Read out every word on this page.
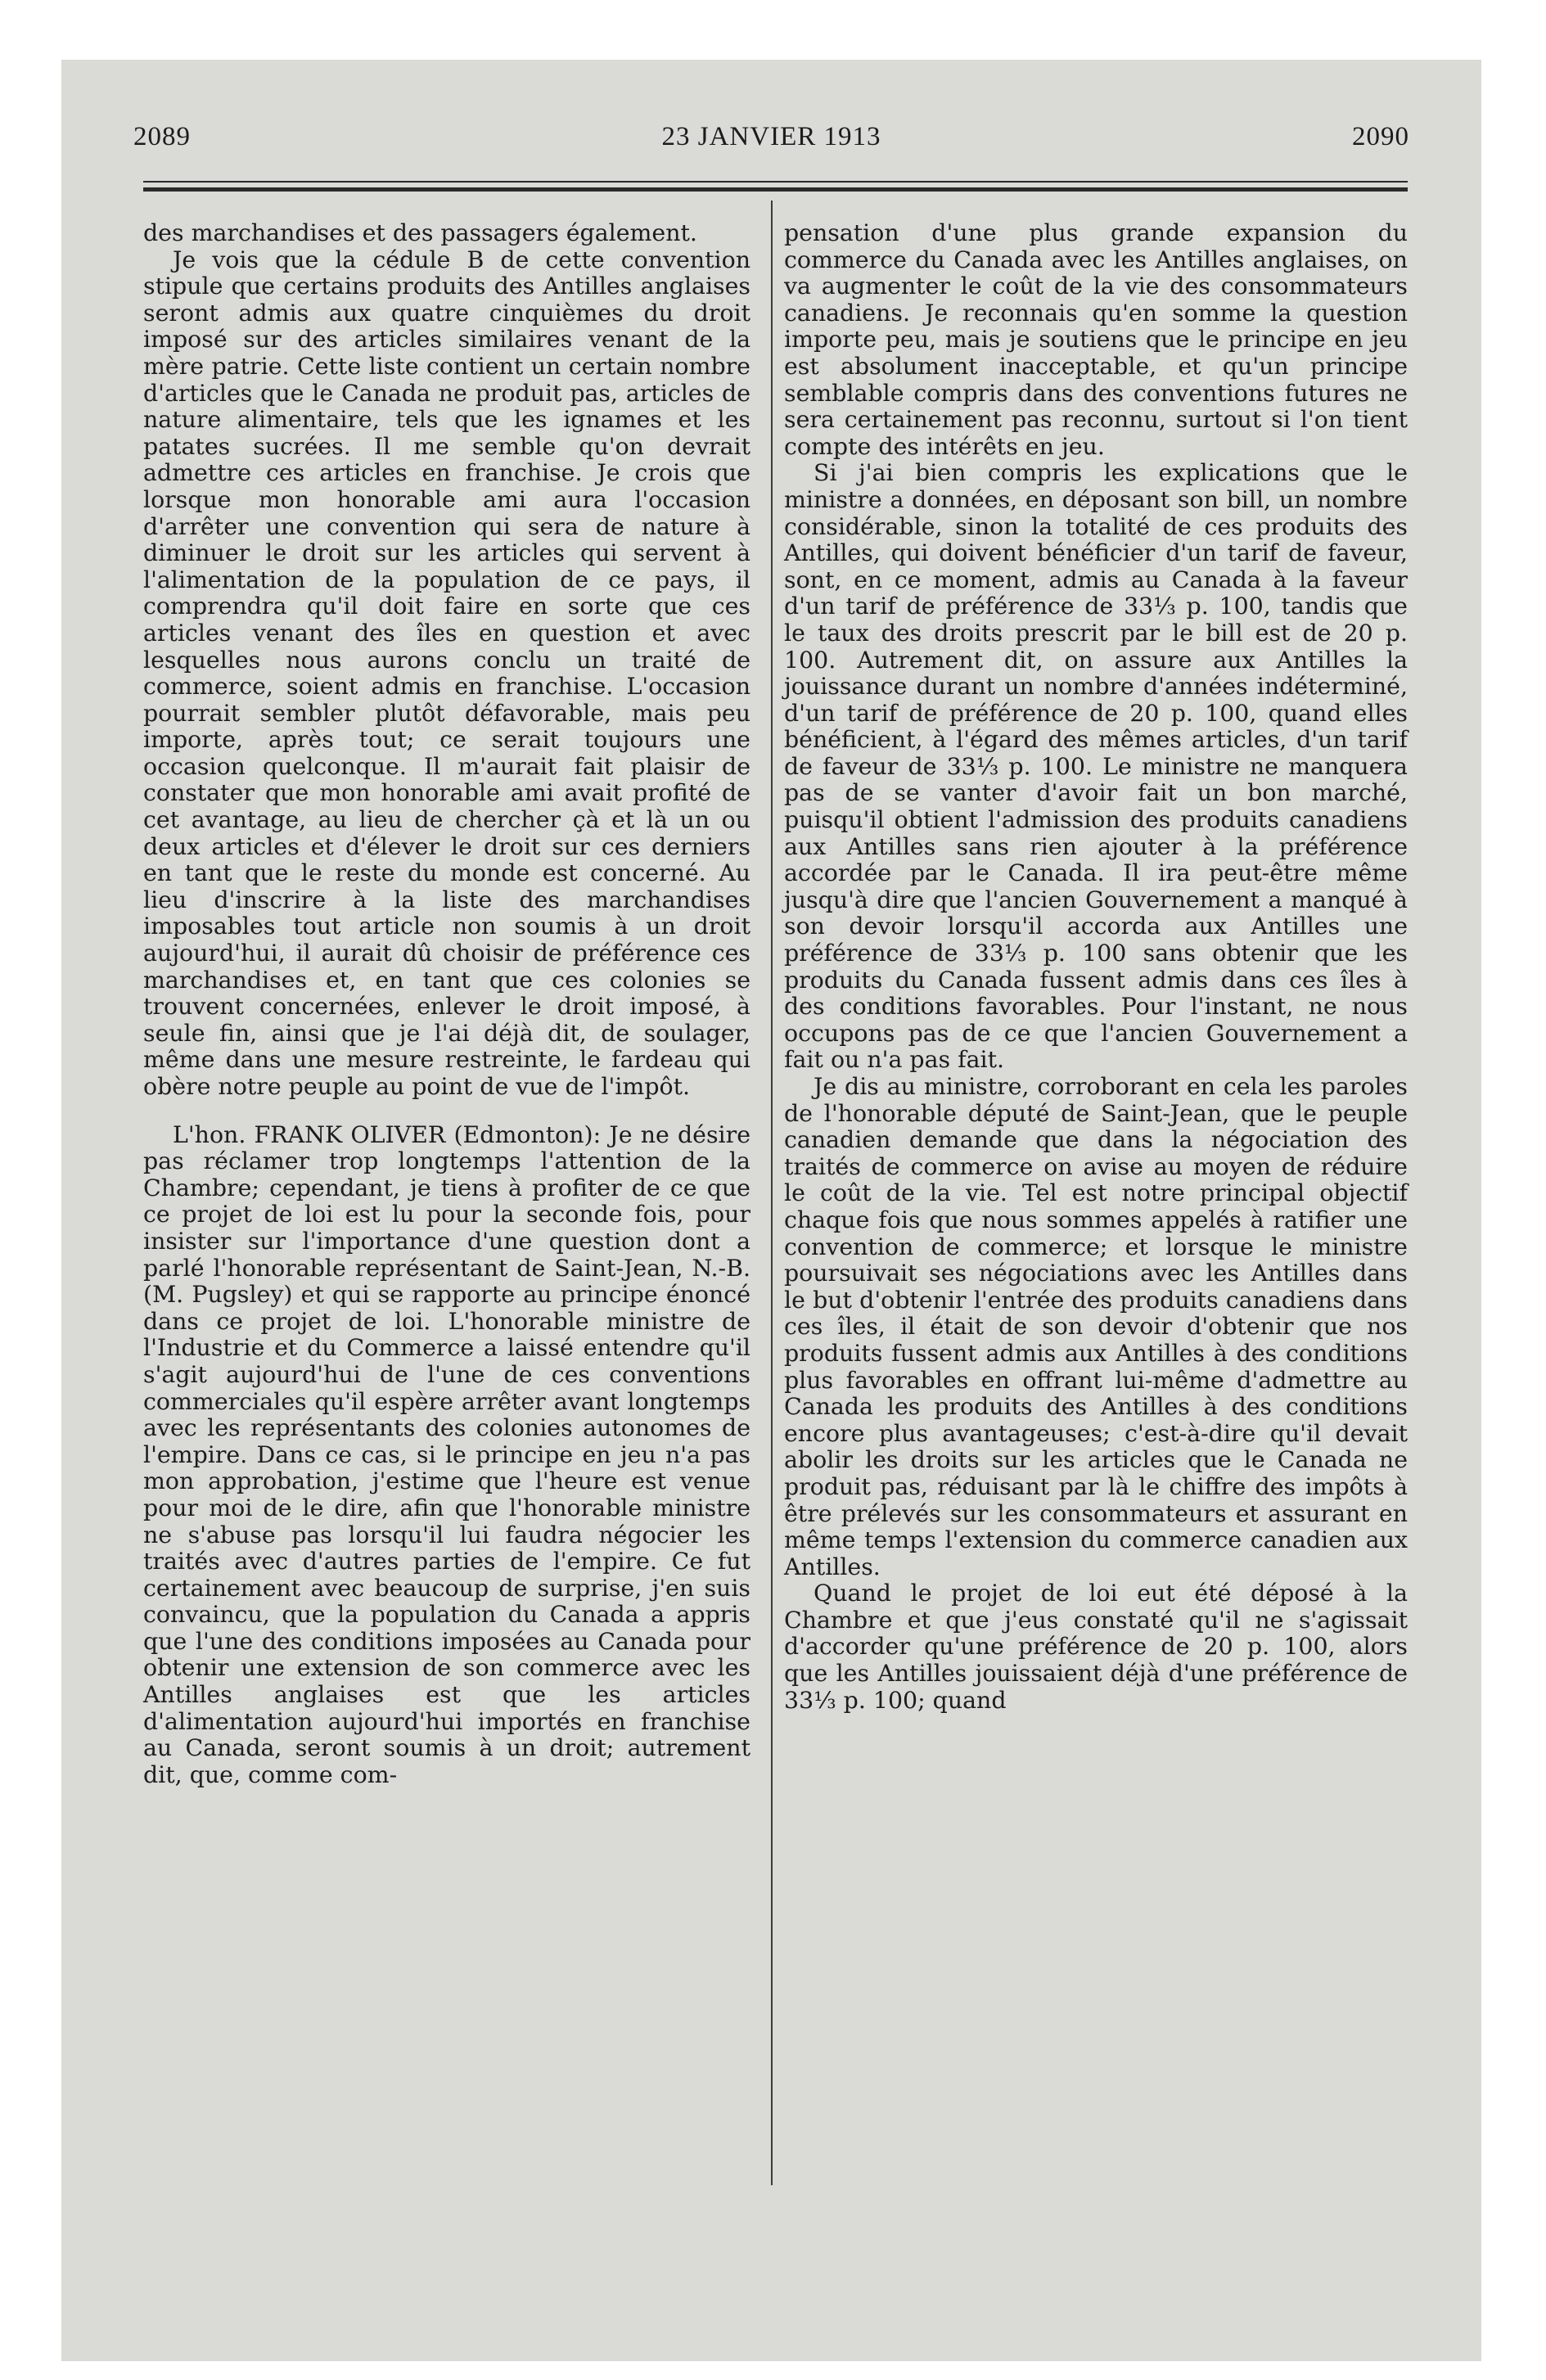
2089	23 JANVIER 1913	2090

des marchandises et des passagers également.

Je vois que la cédule B de cette convention stipule que certains produits des Antilles anglaises seront admis aux quatre cinquièmes du droit imposé sur des articles similaires venant de la mère patrie. Cette liste contient un certain nombre d'articles que le Canada ne produit pas, articles de nature alimentaire, tels que les ignames et les patates sucrées. Il me semble qu'on devrait admettre ces articles en franchise. Je crois que lorsque mon honorable ami aura l'occasion d'arrêter une convention qui sera de nature à diminuer le droit sur les articles qui servent à l'alimentation de la population de ce pays, il comprendra qu'il doit faire en sorte que ces articles venant des îles en question et avec lesquelles nous aurons conclu un traité de commerce, soient admis en franchise. L'occasion pourrait sembler plutôt défavorable, mais peu importe, après tout; ce serait toujours une occasion quelconque. Il m'aurait fait plaisir de constater que mon honorable ami avait profité de cet avantage, au lieu de chercher çà et là un ou deux articles et d'élever le droit sur ces derniers en tant que le reste du monde est concerné. Au lieu d'inscrire à la liste des marchandises imposables tout article non soumis à un droit aujourd'hui, il aurait dû choisir de préférence ces marchandises et, en tant que ces colonies se trouvent concernées, enlever le droit imposé, à seule fin, ainsi que je l'ai déjà dit, de soulager, même dans une mesure restreinte, le fardeau qui obère notre peuple au point de vue de l'impôt.

L'hon. FRANK OLIVER (Edmonton): Je ne désire pas réclamer trop longtemps l'attention de la Chambre; cependant, je tiens à profiter de ce que ce projet de loi est lu pour la seconde fois, pour insister sur l'importance d'une question dont a parlé l'honorable représentant de Saint-Jean, N.-B. (M. Pugsley) et qui se rapporte au principe énoncé dans ce projet de loi. L'honorable ministre de l'Industrie et du Commerce a laissé entendre qu'il s'agit aujourd'hui de l'une de ces conventions commerciales qu'il espère arrêter avant longtemps avec les représentants des colonies autonomes de l'empire. Dans ce cas, si le principe en jeu n'a pas mon approbation, j'estime que l'heure est venue pour moi de le dire, afin que l'honorable ministre ne s'abuse pas lorsqu'il lui faudra négocier les traités avec d'autres parties de l'empire. Ce fut certainement avec beaucoup de surprise, j'en suis convaincu, que la population du Canada a appris que l'une des conditions imposées au Canada pour obtenir une extension de son commerce avec les Antilles anglaises est que les articles d'alimentation aujourd'hui importés en franchise au Canada, seront soumis à un droit; autrement dit, que, comme com-

pensation d'une plus grande expansion du commerce du Canada avec les Antilles anglaises, on va augmenter le coût de la vie des consommateurs canadiens. Je reconnais qu'en somme la question importe peu, mais je soutiens que le principe en jeu est absolument inacceptable, et qu'un principe semblable compris dans des conventions futures ne sera certainement pas reconnu, surtout si l'on tient compte des intérêts en jeu.

Si j'ai bien compris les explications que le ministre a données, en déposant son bill, un nombre considérable, sinon la totalité de ces produits des Antilles, qui doivent bénéficier d'un tarif de faveur, sont, en ce moment, admis au Canada à la faveur d'un tarif de préférence de 33⅓ p. 100, tandis que le taux des droits prescrit par le bill est de 20 p. 100. Autrement dit, on assure aux Antilles la jouissance durant un nombre d'années indéterminé, d'un tarif de préférence de 20 p. 100, quand elles bénéficient, à l'égard des mêmes articles, d'un tarif de faveur de 33⅓ p. 100. Le ministre ne manquera pas de se vanter d'avoir fait un bon marché, puisqu'il obtient l'admission des produits canadiens aux Antilles sans rien ajouter à la préférence accordée par le Canada. Il ira peut-être même jusqu'à dire que l'ancien Gouvernement a manqué à son devoir lorsqu'il accorda aux Antilles une préférence de 33⅓ p. 100 sans obtenir que les produits du Canada fussent admis dans ces îles à des conditions favorables. Pour l'instant, ne nous occupons pas de ce que l'ancien Gouvernement a fait ou n'a pas fait.

Je dis au ministre, corroborant en cela les paroles de l'honorable député de Saint-Jean, que le peuple canadien demande que dans la négociation des traités de commerce on avise au moyen de réduire le coût de la vie. Tel est notre principal objectif chaque fois que nous sommes appelés à ratifier une convention de commerce; et lorsque le ministre poursuivait ses négociations avec les Antilles dans le but d'obtenir l'entrée des produits canadiens dans ces îles, il était de son devoir d'obtenir que nos produits fussent admis aux Antilles à des conditions plus favorables en offrant lui-même d'admettre au Canada les produits des Antilles à des conditions encore plus avantageuses; c'est-à-dire qu'il devait abolir les droits sur les articles que le Canada ne produit pas, réduisant par là le chiffre des impôts à être prélevés sur les consommateurs et assurant en même temps l'extension du commerce canadien aux Antilles.

Quand le projet de loi eut été déposé à la Chambre et que j'eus constaté qu'il ne s'agissait d'accorder qu'une préférence de 20 p. 100, alors que les Antilles jouissaient déjà d'une préférence de 33⅓ p. 100; quand
